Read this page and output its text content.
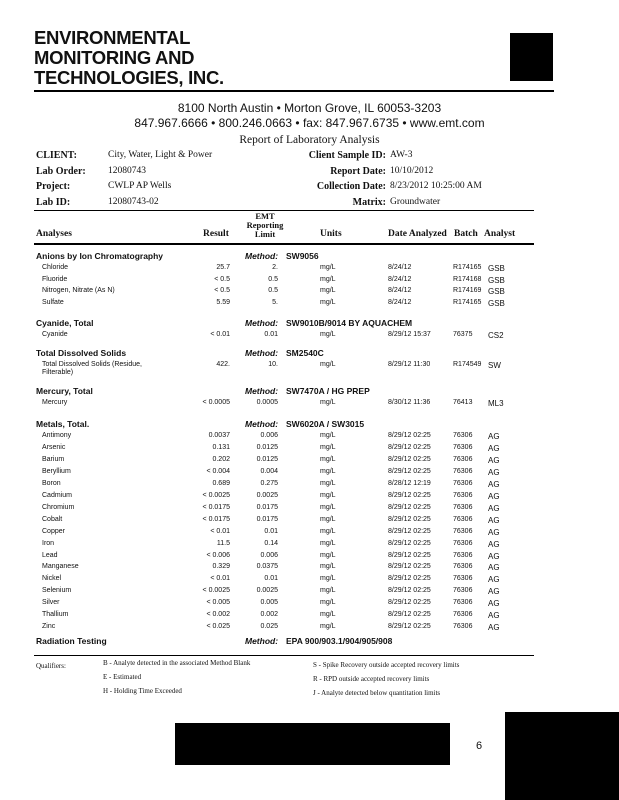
ENVIRONMENTAL
MONITORING AND
TECHNOLOGIES, INC.
8100 North Austin • Morton Grove, IL 60053-3203
847.967.6666 • 800.246.0663 • fax: 847.967.6735 • www.emt.com
Report of Laboratory Analysis
CLIENT:	City, Water, Light & Power
Lab Order: 12080743
Project:	CWLP AP Wells
Lab ID:	12080743-02
Client Sample ID: AW-3
Report Date: 10/10/2012
Collection Date: 8/23/2012 10:25:00 AM
Matrix: Groundwater
Analyses	Result
EMT
Reporting
Limit	Units	Date Analyzed Batch Analyst
Anions by Ion Chromatography	Method: SW9056
Chloride	25.7	2.	mg/L	8/24/12	R174165 GSB
Fluoride	< 0.5	0.5	mg/L	8/24/12	R174168 GSB
Nitrogen, Nitrate (As N)	< 0.5	0.5	mg/L	8/24/12	R174169 GSB
Sulfate	5.59	5.	mg/L	8/24/12	R174165 GSB
Cyanide, Total	Method: SW9010B/9014 BY AQUACHEM
Cyanide	< 0.01	0.01	mg/L	8/29/12 15:37	76375 CS2
Total Dissolved Solids	Method: SM2540C
Total Dissolved Solids (Residue, Filterable)
422.	10.	mg/L	8/29/12 11:30	R174549 SW
Mercury, Total	Method: SW7470A / HG PREP
Mercury	< 0.0005	0.0005	mg/L	8/30/12 11:36	76413 ML3
Metals, Total.	Method: SW6020A / SW3015
Antimony	0.0037	0.006	mg/L	8/29/12 02:25	76306 AG
Arsenic	0.131	0.0125	mg/L	8/29/12 02:25	76306 AG
Barium	0.202	0.0125	mg/L	8/29/12 02:25	76306 AG
Beryllium	< 0.004	0.004	mg/L	8/29/12 02:25	76306 AG
Boron	0.689	0.275	mg/L	8/28/12 12:19	76306 AG
Cadmium	< 0.0025	0.0025	mg/L	8/29/12 02:25	76306 AG
Chromium	< 0.0175	0.0175	mg/L	8/29/12 02:25	76306 AG
Cobalt	< 0.0175	0.0175	mg/L	8/29/12 02:25	76306 AG
Copper	< 0.01	0.01	mg/L	8/29/12 02:25	76306 AG
Iron	11.5	0.14	mg/L	8/29/12 02:25	76306 AG
Lead	< 0.006	0.006	mg/L	8/29/12 02:25	76306 AG
Manganese	0.329	0.0375	mg/L	8/29/12 02:25	76306 AG
Nickel	< 0.01	0.01	mg/L	8/29/12 02:25	76306 AG
Selenium	< 0.0025	0.0025	mg/L	8/29/12 02:25	76306 AG
Silver	< 0.005	0.005	mg/L	8/29/12 02:25	76306 AG
Thallium	< 0.002	0.002	mg/L	8/29/12 02:25	76306 AG
Zinc	< 0.025	0.025	mg/L	8/29/12 02:25	76306 AG
Radiation Testing	Method: EPA 900/903.1/904/905/908
Qualifiers:	B - Analyte detected in the associated Method Blank
E - Estimated
H - Holding Time Exceeded
S - Spike Recovery outside accepted recovery limits
R - RPD outside accepted recovery limits
J - Analyte detected below quantitation limits
6
